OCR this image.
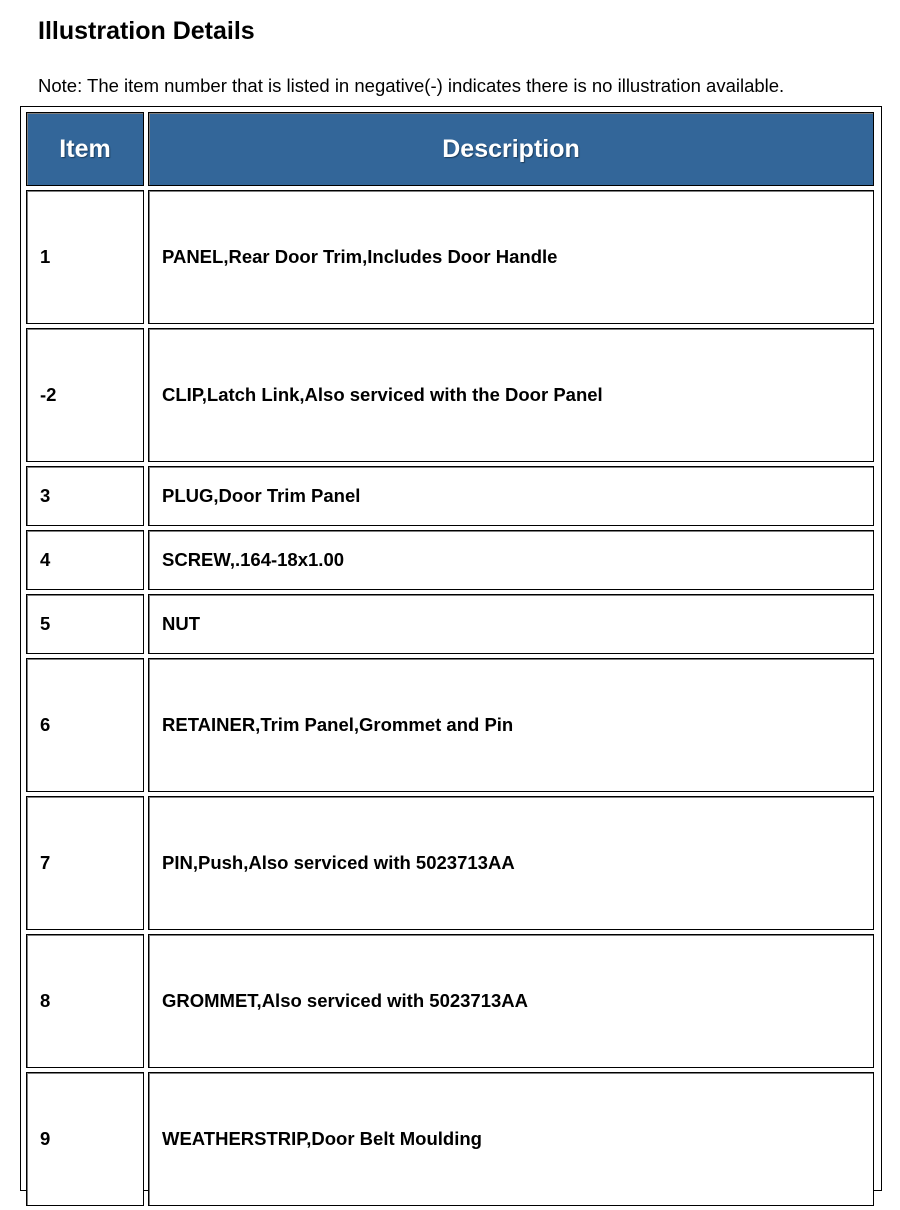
Illustration Details
Note: The item number that is listed in negative(-) indicates there is no illustration available.
Item	Description
1	PANEL,Rear Door Trim,Includes Door Handle
-2	CLIP,Latch Link,Also serviced with the Door Panel
3	PLUG,Door Trim Panel
4	SCREW,.164-18x1.00
5	NUT
6	RETAINER,Trim Panel,Grommet and Pin
7	PIN,Push,Also serviced with 5023713AA
8	GROMMET,Also serviced with 5023713AA
9	WEATHERSTRIP,Door Belt Moulding
